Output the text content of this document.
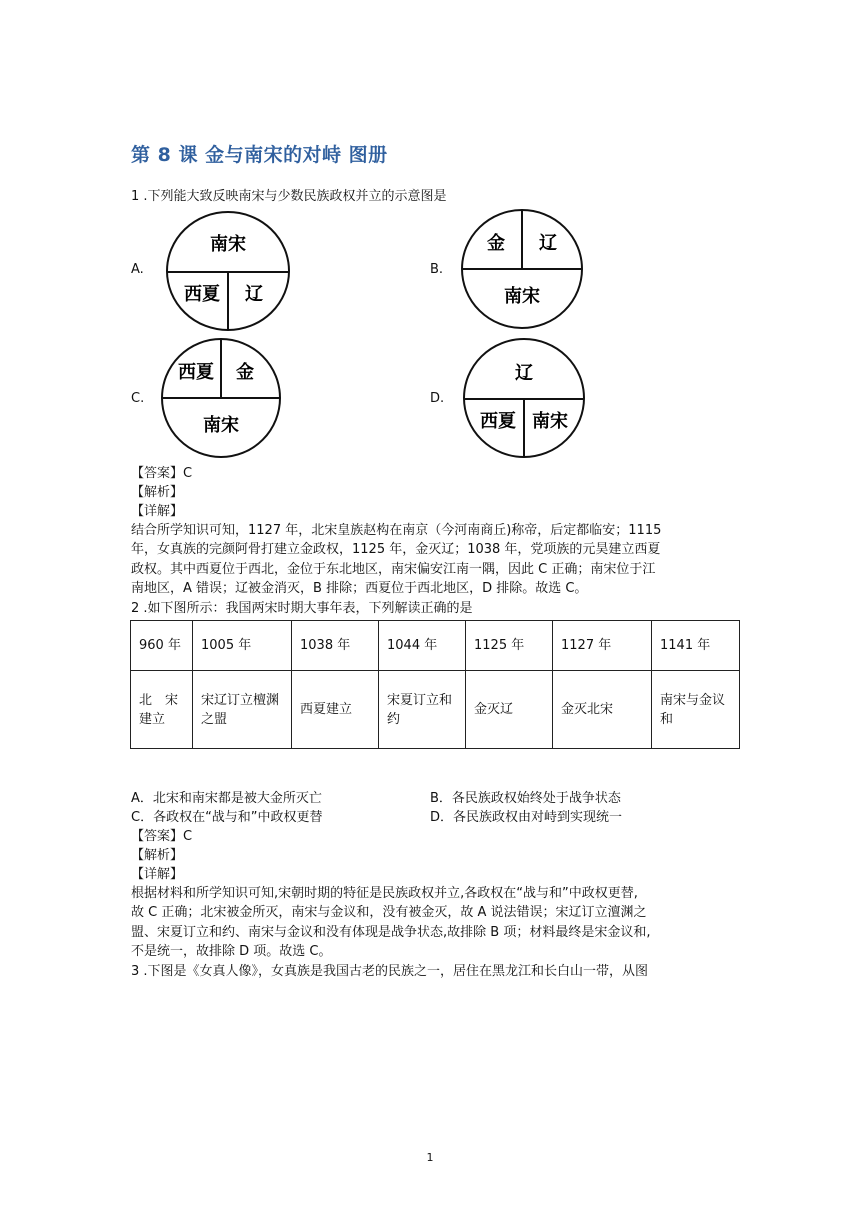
第 8 课 金与南宋的对峙 图册
1 .下列能大致反映南宋与少数民族政权并立的示意图是
A.
南宋
西夏 辽
B.
金 辽
南宋
C.
西夏 金
南宋
D.
辽
西夏 南宋
【答案】C
【解析】
【详解】
结合所学知识可知，1127 年，北宋皇族赵构在南京（今河南商丘)称帝，后定都临安；1115
年，女真族的完颜阿骨打建立金政权，1125 年，金灭辽；1038 年，党项族的元昊建立西夏
政权。其中西夏位于西北，金位于东北地区，南宋偏安江南一隅，因此 C 正确；南宋位于江
南地区，A 错误；辽被金消灭，B 排除；西夏位于西北地区，D 排除。故选 C。
2 .如下图所示：我国两宋时期大事年表，下列解读正确的是
960 年	1005 年	1038 年	1044 年	1125 年	1127 年	1141 年
北　宋建立	宋辽订立檀渊之盟	西夏建立	宋夏订立和约	金灭辽	金灭北宋	南宋与金议和
A．北宋和南宋都是被大金所灭亡	B．各民族政权始终处于战争状态
C．各政权在“战与和”中政权更替	D．各民族政权由对峙到实现统一
【答案】C
【解析】
【详解】
根据材料和所学知识可知,宋朝时期的特征是民族政权并立,各政权在“战与和”中政权更替,
故 C 正确；北宋被金所灭，南宋与金议和，没有被金灭，故 A 说法错误；宋辽订立澶渊之
盟、宋夏订立和约、南宋与金议和没有体现是战争状态,故排除 B 项；材料最终是宋金议和,
不是统一，故排除 D 项。故选 C。
3 .下图是《女真人像》，女真族是我国古老的民族之一，居住在黑龙江和长白山一带，从图
1
